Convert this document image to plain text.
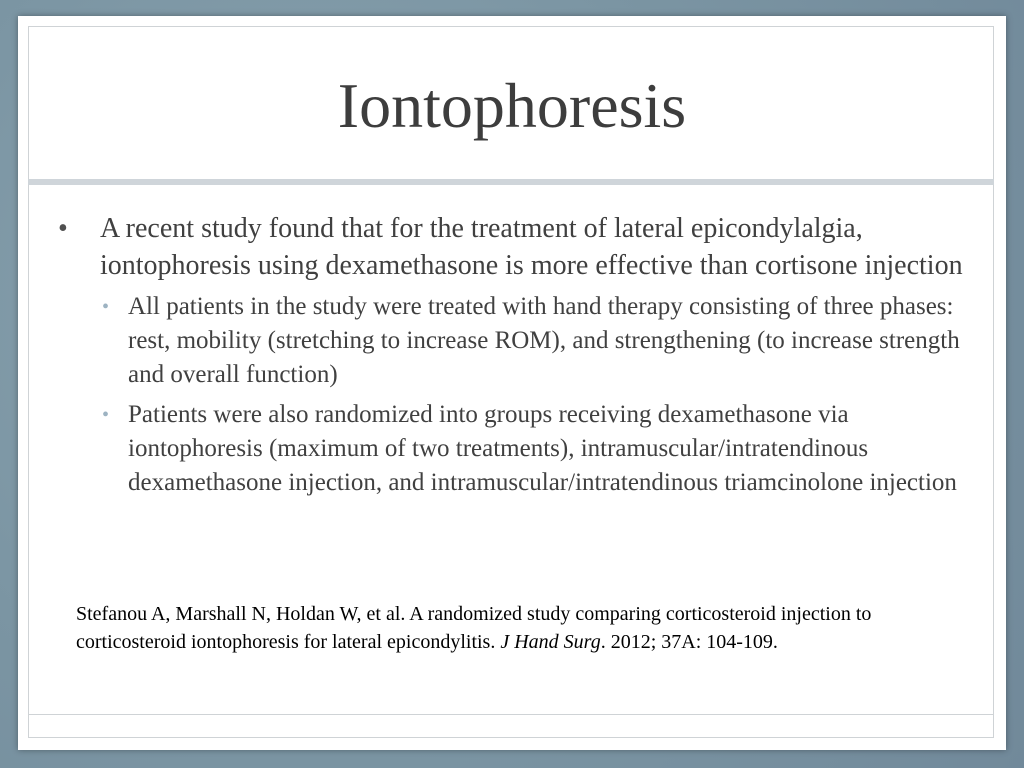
Iontophoresis
• A recent study found that for the treatment of lateral epicondylalgia, iontophoresis using dexamethasone is more effective than cortisone injection
• All patients in the study were treated with hand therapy consisting of three phases: rest, mobility (stretching to increase ROM), and strengthening (to increase strength and overall function)
• Patients were also randomized into groups receiving dexamethasone via iontophoresis (maximum of two treatments), intramuscular/intratendinous dexamethasone injection, and intramuscular/intratendinous triamcinolone injection
Stefanou A, Marshall N, Holdan W, et al. A randomized study comparing corticosteroid injection to corticosteroid iontophoresis for lateral epicondylitis. J Hand Surg. 2012; 37A: 104-109.
